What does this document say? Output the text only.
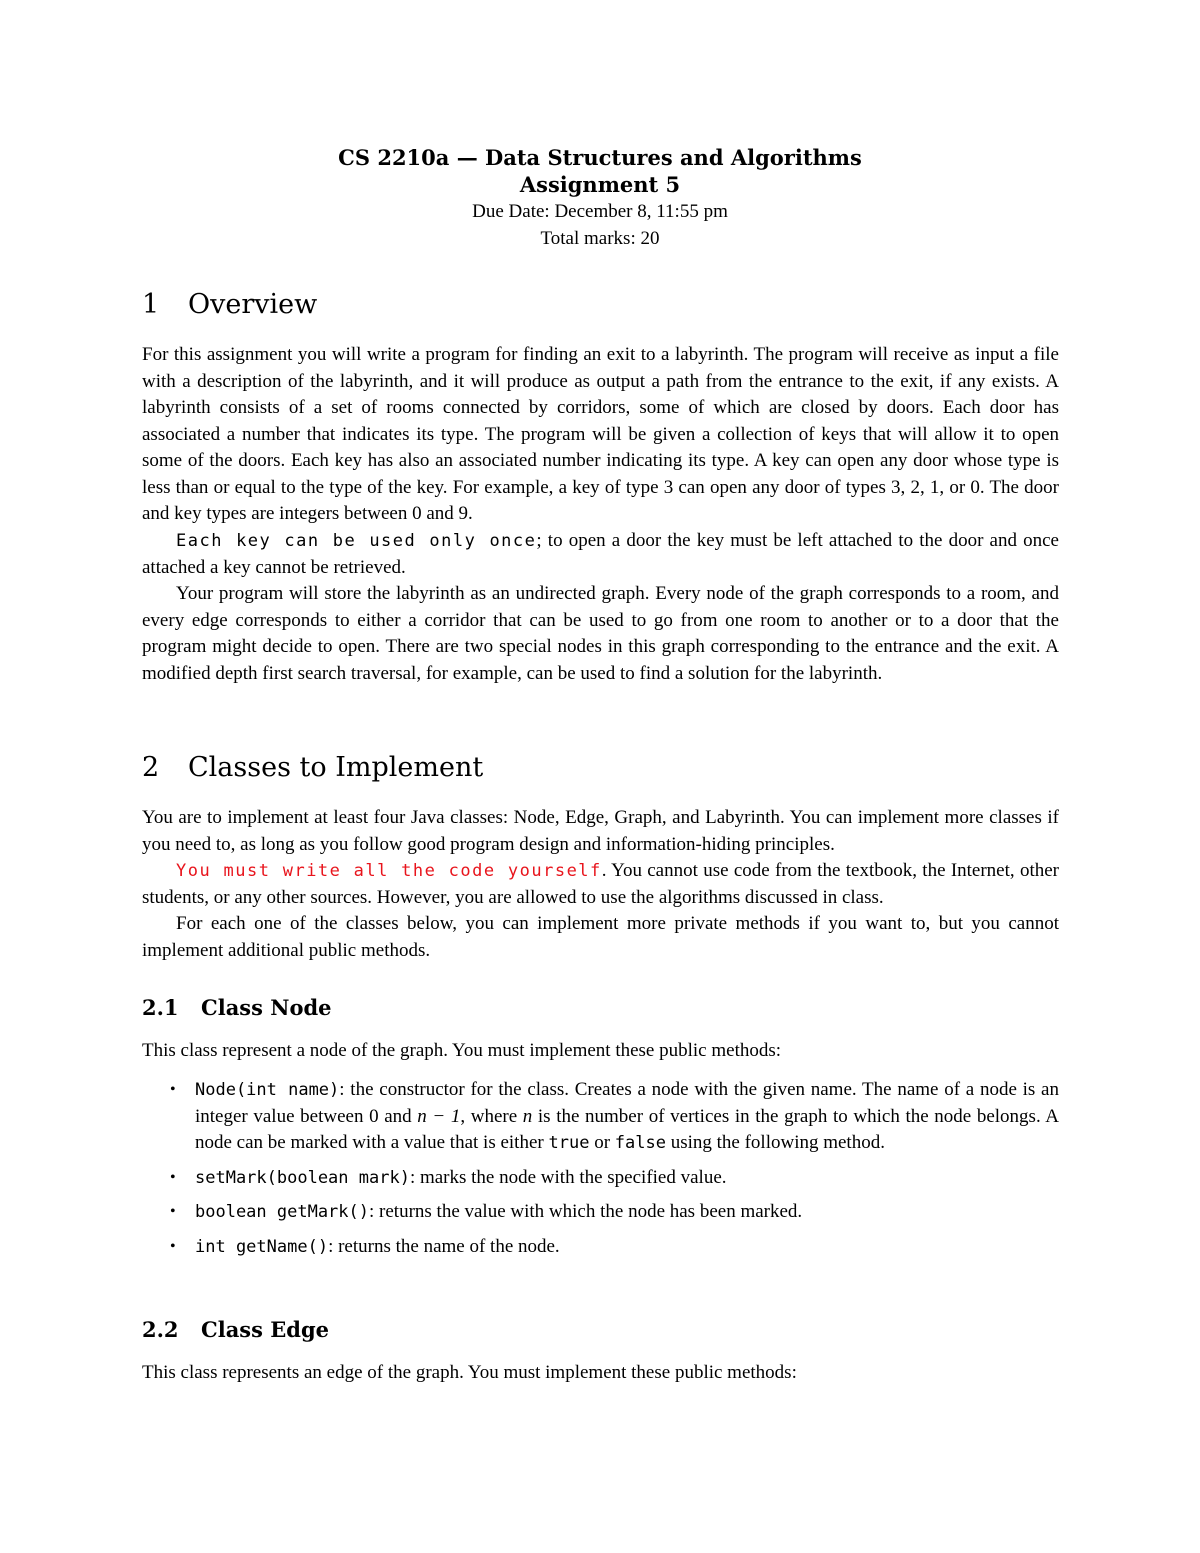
CS 2210a — Data Structures and Algorithms
Assignment 5
Due Date: December 8, 11:55 pm
Total marks: 20
1 Overview

For this assignment you will write a program for finding an exit to a labyrinth. The program will receive as input a file with a description of the labyrinth, and it will produce as output a path from the entrance to the exit, if any exists. A labyrinth consists of a set of rooms connected by corridors, some of which are closed by doors. Each door has associated a number that indicates its type. The program will be given a collection of keys that will allow it to open some of the doors. Each key has also an associated number indicating its type. A key can open any door whose type is less than or equal to the type of the key. For example, a key of type 3 can open any door of types 3, 2, 1, or 0. The door and key types are integers between 0 and 9.

Each key can be used only once; to open a door the key must be left attached to the door and once attached a key cannot be retrieved.

Your program will store the labyrinth as an undirected graph. Every node of the graph corresponds to a room, and every edge corresponds to either a corridor that can be used to go from one room to another or to a door that the program might decide to open. There are two special nodes in this graph corresponding to the entrance and the exit. A modified depth first search traversal, for example, can be used to find a solution for the labyrinth.

2 Classes to Implement

You are to implement at least four Java classes: Node, Edge, Graph, and Labyrinth. You can implement more classes if you need to, as long as you follow good program design and information-hiding principles.

You must write all the code yourself. You cannot use code from the textbook, the Internet, other students, or any other sources. However, you are allowed to use the algorithms discussed in class.

For each one of the classes below, you can implement more private methods if you want to, but you cannot implement additional public methods.

2.1 Class Node

This class represent a node of the graph. You must implement these public methods:

• Node(int name): the constructor for the class. Creates a node with the given name. The name of a node is an integer value between 0 and n − 1, where n is the number of vertices in the graph to which the node belongs. A node can be marked with a value that is either true or false using the following method.
• setMark(boolean mark): marks the node with the specified value.
• boolean getMark(): returns the value with which the node has been marked.
• int getName(): returns the name of the node.
2.2 Class Edge

This class represents an edge of the graph. You must implement these public methods:
